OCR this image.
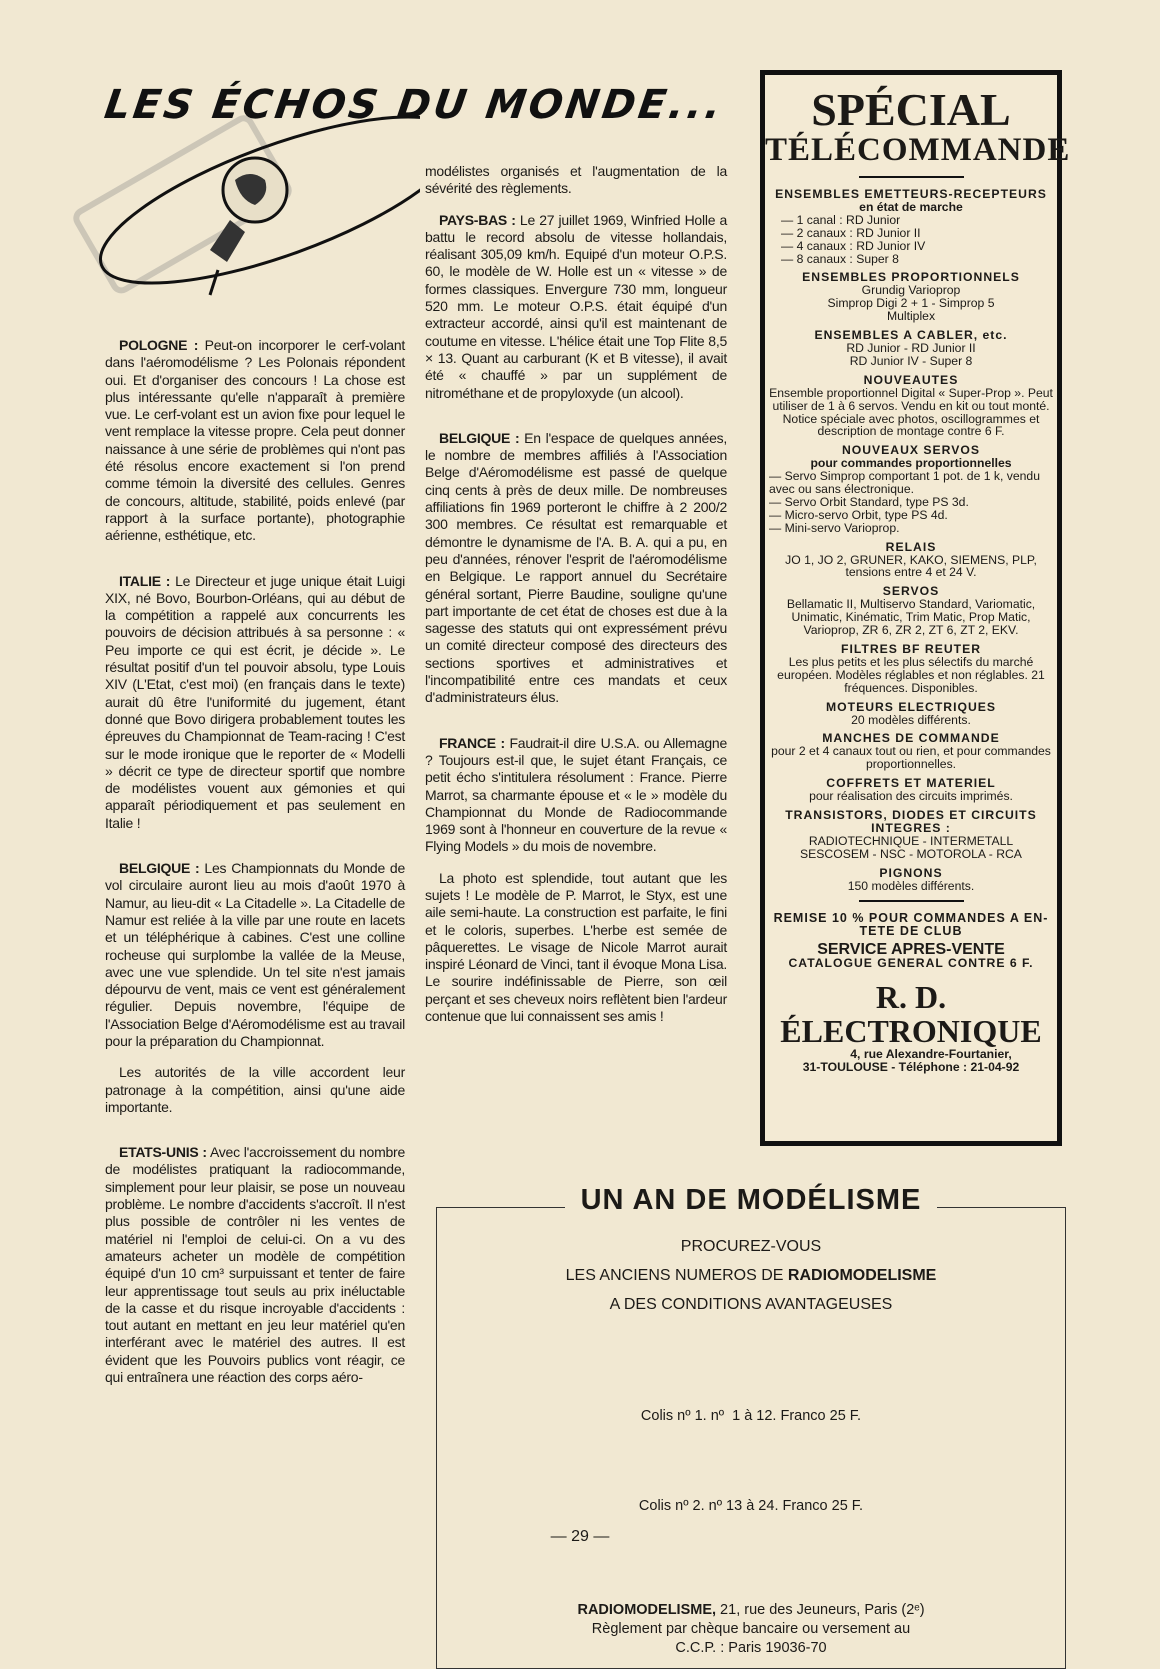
LES ÉCHOS DU MONDE...

POLOGNE : Peut-on incorporer le cerf-volant dans l'aéromodélisme ? Les Polonais répondent oui. Et d'organiser des concours ! La chose est plus intéressante qu'elle n'apparaît à première vue. Le cerf-volant est un avion fixe pour lequel le vent remplace la vitesse propre. Cela peut donner naissance à une série de problèmes qui n'ont pas été résolus encore exactement si l'on prend comme témoin la diversité des cellules. Genres de concours, altitude, stabilité, poids enlevé (par rapport à la surface portante), photographie aérienne, esthétique, etc.

ITALIE : Le Directeur et juge unique était Luigi XIX, né Bovo, Bourbon-Orléans, qui au début de la compétition a rappelé aux concurrents les pouvoirs de décision attribués à sa personne : « Peu importe ce qui est écrit, je décide ». Le résultat positif d'un tel pouvoir absolu, type Louis XIV (L'Etat, c'est moi) (en français dans le texte) aurait dû être l'uniformité du jugement, étant donné que Bovo dirigera probablement toutes les épreuves du Championnat de Team-racing ! C'est sur le mode ironique que le reporter de « Modelli » décrit ce type de directeur sportif que nombre de modélistes vouent aux gémonies et qui apparaît périodiquement et pas seulement en Italie !

BELGIQUE : Les Championnats du Monde de vol circulaire auront lieu au mois d'août 1970 à Namur, au lieu-dit « La Citadelle ». La Citadelle de Namur est reliée à la ville par une route en lacets et un téléphérique à cabines. C'est une colline rocheuse qui surplombe la vallée de la Meuse, avec une vue splendide. Un tel site n'est jamais dépourvu de vent, mais ce vent est généralement régulier. Depuis novembre, l'équipe de l'Association Belge d'Aéromodélisme est au travail pour la préparation du Championnat.

Les autorités de la ville accordent leur patronage à la compétition, ainsi qu'une aide importante.

ETATS-UNIS : Avec l'accroissement du nombre de modélistes pratiquant la radiocommande, simplement pour leur plaisir, se pose un nouveau problème. Le nombre d'accidents s'accroît. Il n'est plus possible de contrôler ni les ventes de matériel ni l'emploi de celui-ci. On a vu des amateurs acheter un modèle de compétition équipé d'un 10 cm³ surpuissant et tenter de faire leur apprentissage tout seuls au prix inéluctable de la casse et du risque incroyable d'accidents : tout autant en mettant en jeu leur matériel qu'en interférant avec le matériel des autres. Il est évident que les Pouvoirs publics vont réagir, ce qui entraînera une réaction des corps aéro-

modélistes organisés et l'augmentation de la sévérité des règlements.

PAYS-BAS : Le 27 juillet 1969, Winfried Holle a battu le record absolu de vitesse hollandais, réalisant 305,09 km/h. Equipé d'un moteur O.P.S. 60, le modèle de W. Holle est un « vitesse » de formes classiques. Envergure 730 mm, longueur 520 mm. Le moteur O.P.S. était équipé d'un extracteur accordé, ainsi qu'il est maintenant de coutume en vitesse. L'hélice était une Top Flite 8,5 × 13. Quant au carburant (K et B vitesse), il avait été « chauffé » par un supplément de nitrométhane et de propyloxyde (un alcool).

BELGIQUE : En l'espace de quelques années, le nombre de membres affiliés à l'Association Belge d'Aéromodélisme est passé de quelque cinq cents à près de deux mille. De nombreuses affiliations fin 1969 porteront le chiffre à 2 200/2 300 membres. Ce résultat est remarquable et démontre le dynamisme de l'A. B. A. qui a pu, en peu d'années, rénover l'esprit de l'aéromodélisme en Belgique. Le rapport annuel du Secrétaire général sortant, Pierre Baudine, souligne qu'une part importante de cet état de choses est due à la sagesse des statuts qui ont expressément prévu un comité directeur composé des directeurs des sections sportives et administratives et l'incompatibilité entre ces mandats et ceux d'administrateurs élus.

FRANCE : Faudrait-il dire U.S.A. ou Allemagne ? Toujours est-il que, le sujet étant Français, ce petit écho s'intitulera résolument : France. Pierre Marrot, sa charmante épouse et « le » modèle du Championnat du Monde de Radiocommande 1969 sont à l'honneur en couverture de la revue « Flying Models » du mois de novembre.

La photo est splendide, tout autant que les sujets ! Le modèle de P. Marrot, le Styx, est une aile semi-haute. La construction est parfaite, le fini et le coloris, superbes. L'herbe est semée de pâquerettes. Le visage de Nicole Marrot aurait inspiré Léonard de Vinci, tant il évoque Mona Lisa. Le sourire indéfinissable de Pierre, son œil perçant et ses cheveux noirs reflètent bien l'ardeur contenue que lui connaissent ses amis !

SPÉCIAL
TÉLÉCOMMANDE
ENSEMBLES EMETTEURS-RECEPTEURS
en état de marche
— 1 canal : RD Junior
— 2 canaux : RD Junior II
— 4 canaux : RD Junior IV
— 8 canaux : Super 8
ENSEMBLES PROPORTIONNELS
Grundig Varioprop
Simprop Digi 2 + 1 - Simprop 5
Multiplex
ENSEMBLES A CABLER, etc.
RD Junior - RD Junior II
RD Junior IV - Super 8
NOUVEAUTES
Ensemble proportionnel Digital « Super-Prop ». Peut utiliser de 1 à 6 servos. Vendu en kit ou tout monté. Notice spéciale avec photos, oscillogrammes et description de montage contre 6 F.
NOUVEAUX SERVOS
pour commandes proportionnelles
— Servo Simprop comportant 1 pot. de 1 k, vendu avec ou sans électronique.
— Servo Orbit Standard, type PS 3d.
— Micro-servo Orbit, type PS 4d.
— Mini-servo Varioprop.
RELAIS
JO 1, JO 2, GRUNER, KAKO, SIEMENS, PLP, tensions entre 4 et 24 V.
SERVOS
Bellamatic II, Multiservo Standard, Variomatic, Unimatic, Kinématic, Trim Matic, Prop Matic, Varioprop, ZR 6, ZR 2, ZT 6, ZT 2, EKV.
FILTRES BF REUTER
Les plus petits et les plus sélectifs du marché européen. Modèles réglables et non réglables. 21 fréquences. Disponibles.
MOTEURS ELECTRIQUES
20 modèles différents.
MANCHES DE COMMANDE
pour 2 et 4 canaux tout ou rien, et pour commandes proportionnelles.
COFFRETS ET MATERIEL
pour réalisation des circuits imprimés.
TRANSISTORS, DIODES ET CIRCUITS INTEGRES :
RADIOTECHNIQUE - INTERMETALL
SESCOSEM - NSC - MOTOROLA - RCA
PIGNONS
150 modèles différents.
REMISE 10 % POUR COMMANDES A EN-TETE DE CLUB
SERVICE APRES-VENTE
CATALOGUE GENERAL CONTRE 6 F.
R. D. ÉLECTRONIQUE
4, rue Alexandre-Fourtanier,
31-TOULOUSE - Téléphone : 21-04-92
UN AN DE MODÉLISME
PROCUREZ-VOUS
LES ANCIENS NUMEROS DE RADIOMODELISME
A DES CONDITIONS AVANTAGEUSES

Colis nº 1. nº  1 à 12. Franco 25 F.

Colis nº 2. nº 13 à 24. Franco 25 F.

RADIOMODELISME, 21, rue des Jeuneurs, Paris (2ᵉ)
Règlement par chèque bancaire ou versement au
C.C.P. : Paris 19036-70
— 29 —
